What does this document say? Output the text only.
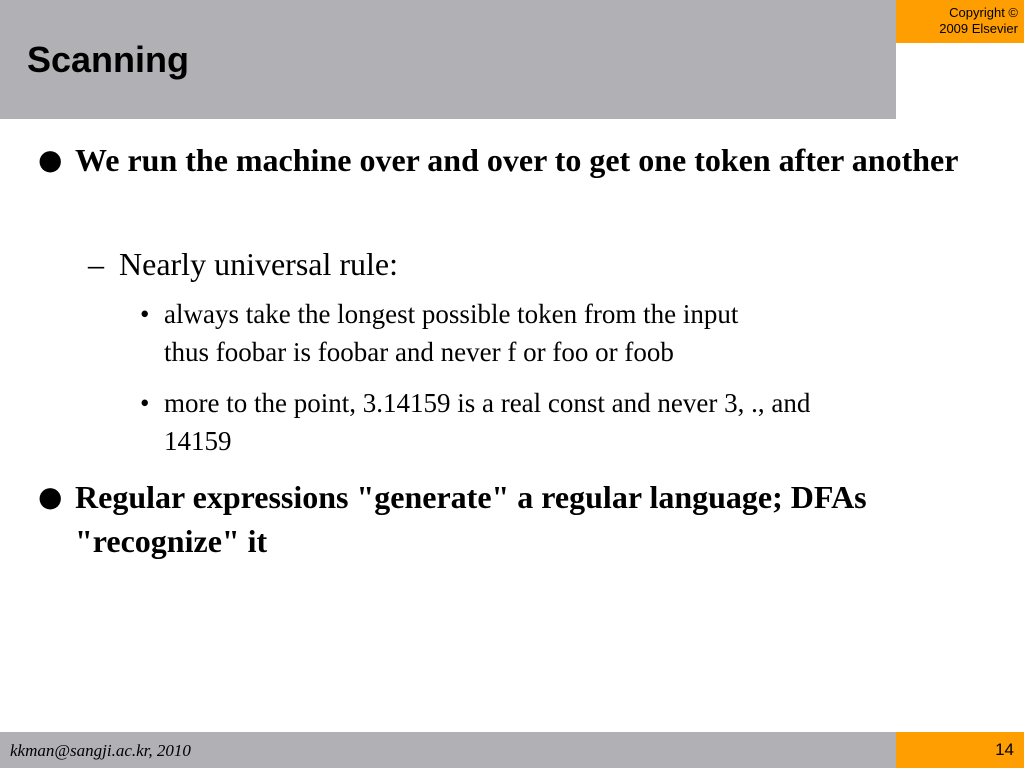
Scanning
Copyright ©
2009 Elsevier
● We run the machine over and over to get one token after another
– Nearly universal rule:
• always take the longest possible token from the input
thus foobar is foobar and never f or foo or foob
• more to the point, 3.14159 is a real const and never 3, ., and
14159
● Regular expressions "generate" a regular language; DFAs "recognize" it
kkman@sangji.ac.kr, 2010	14
